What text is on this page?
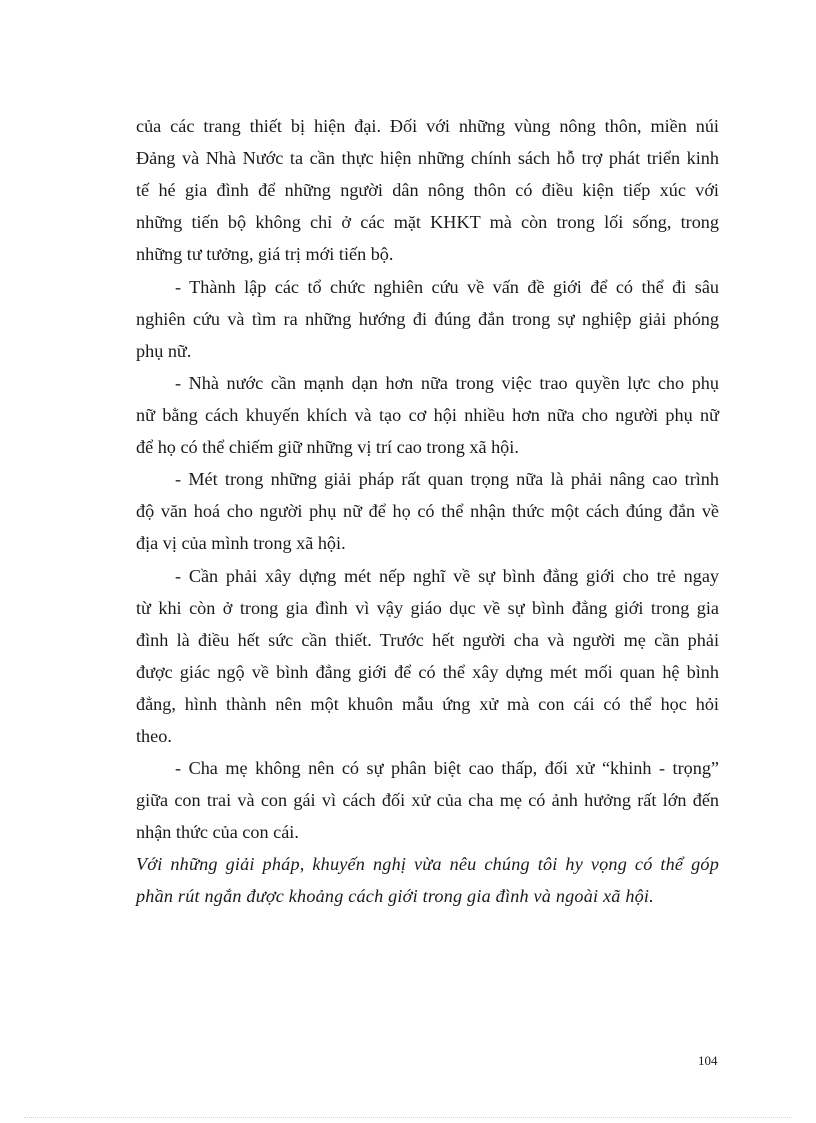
của các trang thiết bị hiện đại. Đối với những vùng nông thôn, miền núi
Đảng và Nhà Nước ta cần thực hiện những chính sách hỗ trợ phát triển kinh
tế hé gia đình để những người dân nông thôn có điều kiện tiếp xúc với
những tiến bộ không chỉ ở các mặt KHKT mà còn trong lối sống, trong
những tư tưởng, giá trị mới tiến bộ.
- Thành lập các tổ chức nghiên cứu về vấn đề giới để có thể đi sâu
nghiên cứu và tìm ra những hướng đi đúng đắn trong sự nghiệp giải phóng
phụ nữ.
- Nhà nước cần mạnh dạn hơn nữa trong việc trao quyền lực cho phụ
nữ bằng cách khuyến khích và tạo cơ hội nhiều hơn nữa cho người phụ nữ
để họ có thể chiếm giữ những vị trí cao trong xã hội.
- Mét trong những giải pháp rất quan trọng nữa là phải nâng cao trình
độ văn hoá cho người phụ nữ để họ có thể nhận thức một cách đúng đắn về
địa vị của mình trong xã hội.
- Cần phải xây dựng mét nếp nghĩ về sự bình đẳng giới cho trẻ ngay
từ khi còn ở trong gia đình vì vậy giáo dục về sự bình đẳng giới trong gia
đình là điều hết sức cần thiết. Trước hết người cha và người mẹ cần phải
được giác ngộ về bình đẳng giới để có thể xây dựng mét mối quan hệ bình
đẳng, hình thành nên một khuôn mẫu ứng xử mà con cái có thể học hỏi
theo.
- Cha mẹ không nên có sự phân biệt cao thấp, đối xử “khinh - trọng”
giữa con trai và con gái vì cách đối xử của cha mẹ có ảnh hưởng rất lớn đến
nhận thức của con cái.
Với những giải pháp, khuyến nghị vừa nêu chúng tôi hy vọng có thể góp
phần rút ngắn được khoảng cách giới trong gia đình và ngoài xã hội.
104
